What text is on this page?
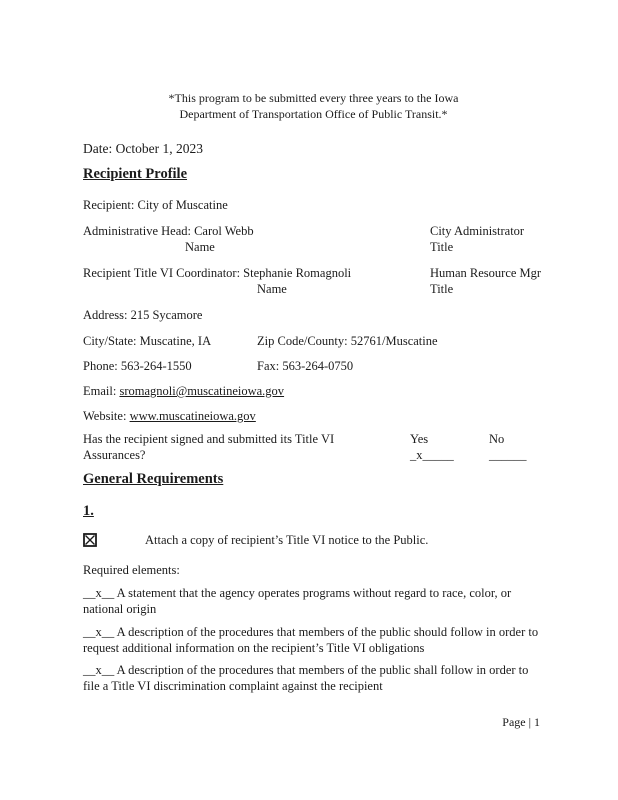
*This program to be submitted every three years to the Iowa
Department of Transportation Office of Public Transit.*
Date: October 1, 2023
Recipient Profile
Recipient: City of Muscatine
Administrative Head: Carol Webb
Name
City Administrator
Title
Recipient Title VI Coordinator: Stephanie Romagnoli
Name
Human Resource Mgr
Title
Address: 215 Sycamore
City/State: Muscatine, IA	Zip Code/County: 52761/Muscatine
Phone: 563-264-1550	Fax: 563-264-0750
Email: sromagnoli@muscatineiowa.gov
Website: www.muscatineiowa.gov
Has the recipient signed and submitted its Title VI Assurances?
Yes _x_____
No ______
General Requirements
1.
Attach a copy of recipient’s Title VI notice to the Public.
Required elements:
__x__ A statement that the agency operates programs without regard to race, color, or national origin
__x__ A description of the procedures that members of the public should follow in order to request additional information on the recipient’s Title VI obligations
__x__ A description of the procedures that members of the public shall follow in order to file a Title VI discrimination complaint against the recipient
Page | 1
